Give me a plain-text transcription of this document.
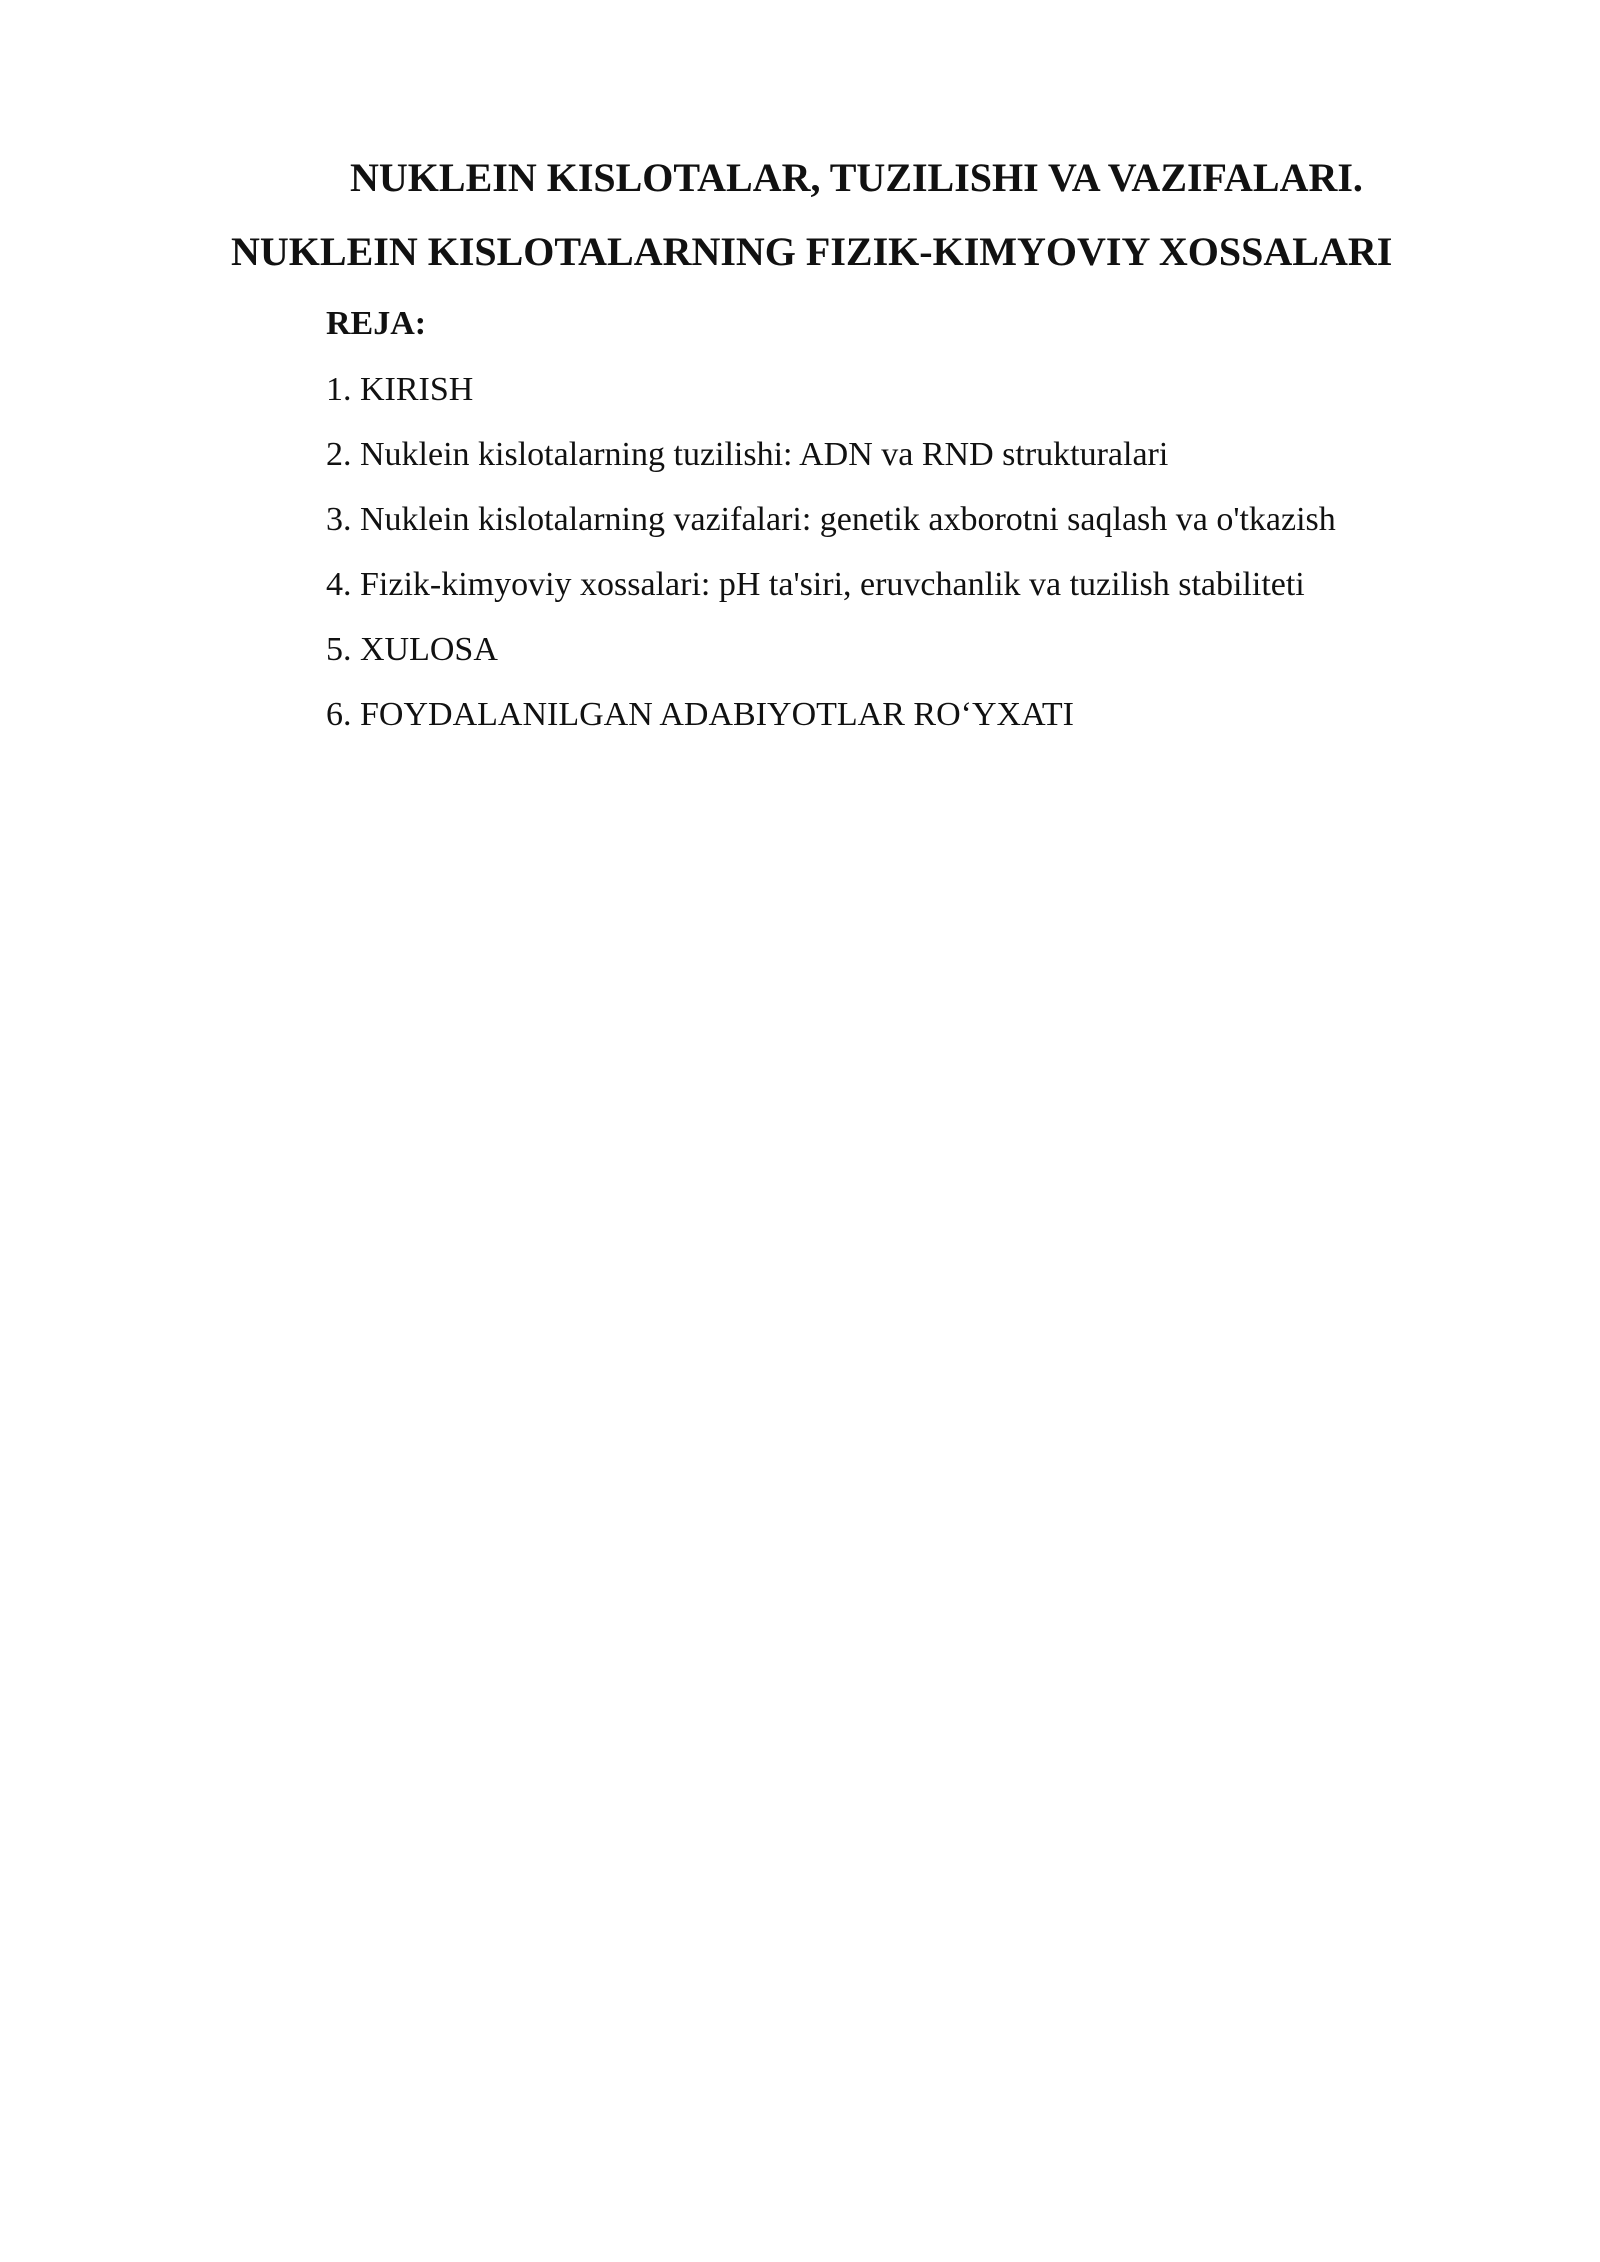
NUKLEIN KISLOTALAR, TUZILISHI VA VAZIFALARI.
NUKLEIN KISLOTALARNING FIZIK-KIMYOVIY XOSSALARI

REJA:

1. KIRISH
2. Nuklein kislotalarning tuzilishi: ADN va RND strukturalari
3. Nuklein kislotalarning vazifalari: genetik axborotni saqlash va o'tkazish
4. Fizik-kimyoviy xossalari: pH ta'siri, eruvchanlik va tuzilish stabiliteti
5. XULOSA
6. FOYDALANILGAN ADABIYOTLAR RO‘YXATI
